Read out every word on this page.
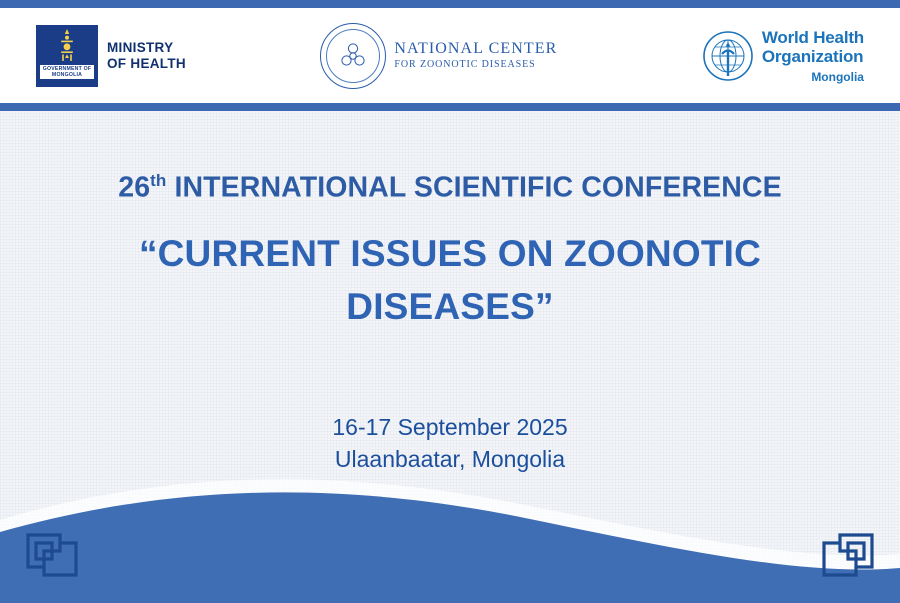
GOVERNMENT OF
MONGOLIA
MINISTRY
OF HEALTH
NATIONAL CENTER
FOR ZOONOTIC DISEASES
World Health
Organization
Mongolia
26th INTERNATIONAL SCIENTIFIC CONFERENCE
“CURRENT ISSUES ON ZOONOTIC
DISEASES”
16-17 September 2025
Ulaanbaatar, Mongolia
